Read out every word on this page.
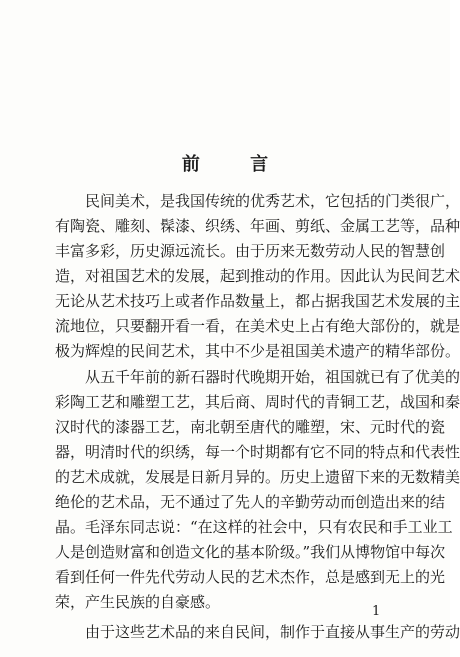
前 言
民间美术，是我国传统的优秀艺术，它包括的门类很广，
有陶瓷、雕刻、髹漆、织绣、年画、剪纸、金属工艺等，品种
丰富多彩，历史源远流长。由于历来无数劳动人民的智慧创
造，对祖国艺术的发展，起到推动的作用。因此认为民间艺术
无论从艺术技巧上或者作品数量上，都占据我国艺术发展的主
流地位，只要翻开看一看，在美术史上占有绝大部份的，就是
极为辉煌的民间艺术，其中不少是祖国美术遗产的精华部份。
从五千年前的新石器时代晚期开始，祖国就已有了优美的
彩陶工艺和雕塑工艺，其后商、周时代的青铜工艺，战国和秦
汉时代的漆器工艺，南北朝至唐代的雕塑，宋、元时代的瓷
器，明清时代的织绣，每一个时期都有它不同的特点和代表性
的艺术成就，发展是日新月异的。历史上遗留下来的无数精美
绝伦的艺术品，无不通过了先人的辛勤劳动而创造出来的结
晶。毛泽东同志说：“在这样的社会中，只有农民和手工业工
人是创造财富和创造文化的基本阶级。”我们从博物馆中每次
看到任何一件先代劳动人民的艺术杰作，总是感到无上的光
荣，产生民族的自豪感。
由于这些艺术品的来自民间，制作于直接从事生产的劳动
1
